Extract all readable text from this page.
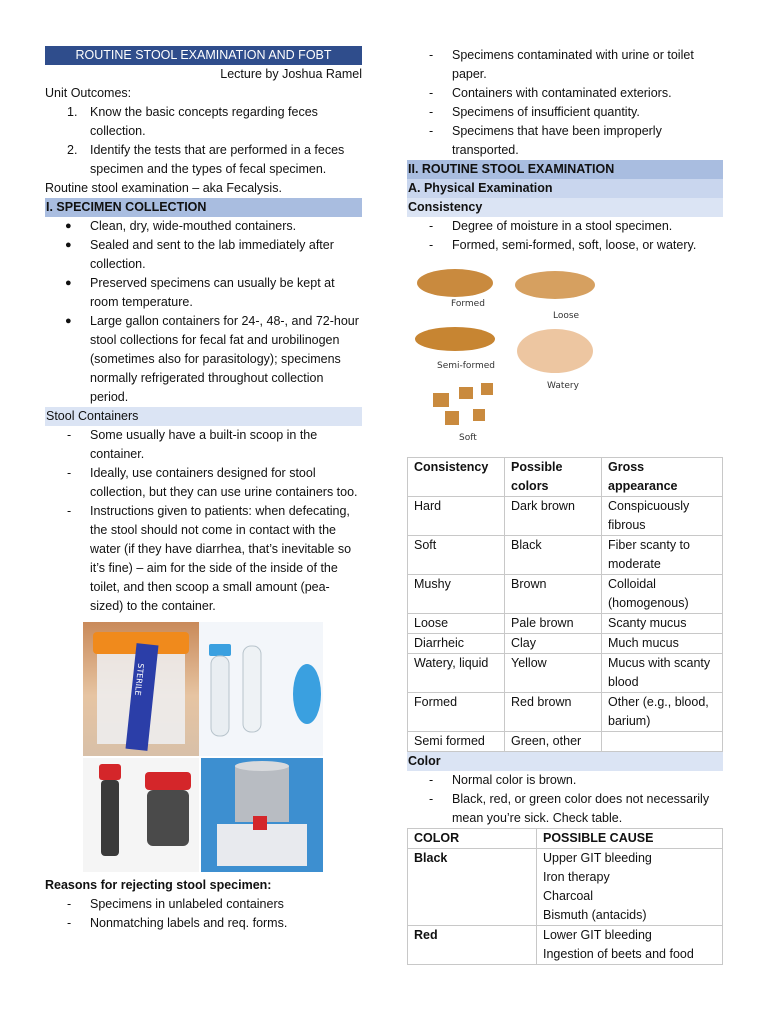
ROUTINE STOOL EXAMINATION AND FOBT
Lecture by Joshua Ramel
Unit Outcomes:
1. Know the basic concepts regarding feces collection.
2. Identify the tests that are performed in a feces specimen and the types of fecal specimen.
Routine stool examination – aka Fecalysis.
I. SPECIMEN COLLECTION
● Clean, dry, wide-mouthed containers.
● Sealed and sent to the lab immediately after collection.
● Preserved specimens can usually be kept at room temperature.
● Large gallon containers for 24-, 48-, and 72-hour stool collections for fecal fat and urobilinogen (sometimes also for parasitology); specimens normally refrigerated throughout collection period.
Stool Containers
- Some usually have a built-in scoop in the container.
- Ideally, use containers designed for stool collection, but they can use urine containers too.
- Instructions given to patients: when defecating, the stool should not come in contact with the water (if they have diarrhea, that’s inevitable so it’s fine) – aim for the side of the inside of the toilet, and then scoop a small amount (pea-sized) to the container.
STERILE
Reasons for rejecting stool specimen:
- Specimens in unlabeled containers
- Nonmatching labels and req. forms.
- Specimens contaminated with urine or toilet paper.
- Containers with contaminated exteriors.
- Specimens of insufficient quantity.
- Specimens that have been improperly transported.
II. ROUTINE STOOL EXAMINATION
A. Physical Examination
Consistency
- Degree of moisture in a stool specimen.
- Formed, semi-formed, soft, loose, or watery.
Formed
Loose
Semi-formed
Watery
Soft
Consistency	Possible colors	Gross appearance
Hard	Dark brown	Conspicuously fibrous
Soft	Black	Fiber scanty to moderate
Mushy	Brown	Colloidal (homogenous)
Loose	Pale brown	Scanty mucus
Diarrheic	Clay	Much mucus
Watery, liquid	Yellow	Mucus with scanty blood
Formed	Red brown	Other (e.g., blood, barium)
Semi formed	Green, other	
Color
- Normal color is brown.
- Black, red, or green color does not necessarily mean you’re sick. Check table.
COLOR	POSSIBLE CAUSE
Black	Upper GIT bleeding
Iron therapy
Charcoal
Bismuth (antacids)

Red	Lower GIT bleeding
Ingestion of beets and food
